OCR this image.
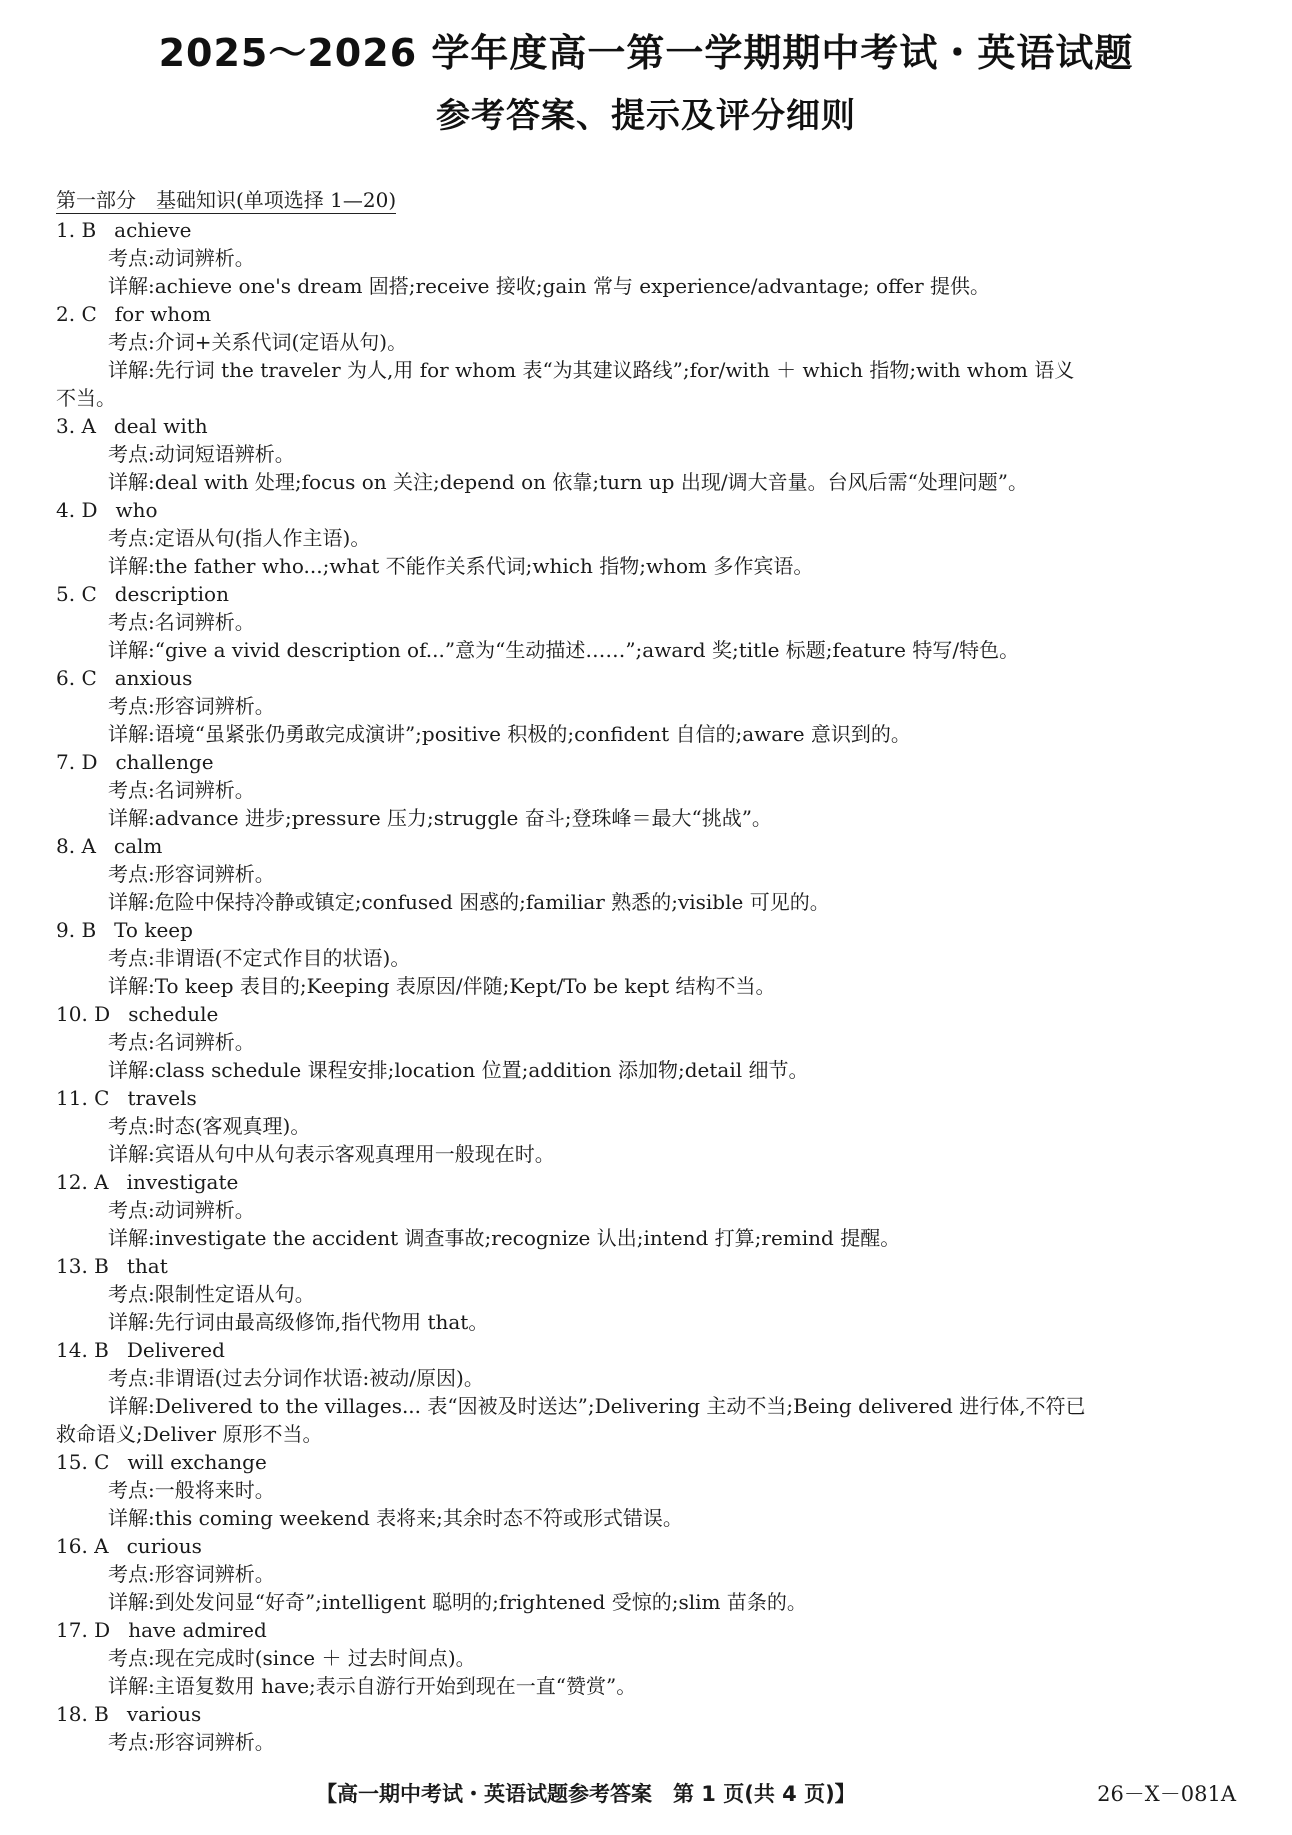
2025～2026 学年度高一第一学期期中考试・英语试题
参考答案、提示及评分细则
第一部分　基础知识(单项选择 1—20)
1. B achieve
考点:动词辨析。
详解:achieve one's dream 固搭;receive 接收;gain 常与 experience/advantage; offer 提供。
2. C for whom
考点:介词+关系代词(定语从句)。
详解:先行词 the traveler 为人,用 for whom 表“为其建议路线”;for/with ＋ which 指物;with whom 语义
不当。
3. A deal with
考点:动词短语辨析。
详解:deal with 处理;focus on 关注;depend on 依靠;turn up 出现/调大音量。台风后需“处理问题”。
4. D who
考点:定语从句(指人作主语)。
详解:the father who...;what 不能作关系代词;which 指物;whom 多作宾语。
5. C description
考点:名词辨析。
详解:“give a vivid description of...”意为“生动描述……”;award 奖;title 标题;feature 特写/特色。
6. C anxious
考点:形容词辨析。
详解:语境“虽紧张仍勇敢完成演讲”;positive 积极的;confident 自信的;aware 意识到的。
7. D challenge
考点:名词辨析。
详解:advance 进步;pressure 压力;struggle 奋斗;登珠峰＝最大“挑战”。
8. A calm
考点:形容词辨析。
详解:危险中保持冷静或镇定;confused 困惑的;familiar 熟悉的;visible 可见的。
9. B To keep
考点:非谓语(不定式作目的状语)。
详解:To keep 表目的;Keeping 表原因/伴随;Kept/To be kept 结构不当。
10. D schedule
考点:名词辨析。
详解:class schedule 课程安排;location 位置;addition 添加物;detail 细节。
11. C travels
考点:时态(客观真理)。
详解:宾语从句中从句表示客观真理用一般现在时。
12. A investigate
考点:动词辨析。
详解:investigate the accident 调查事故;recognize 认出;intend 打算;remind 提醒。
13. B that
考点:限制性定语从句。
详解:先行词由最高级修饰,指代物用 that。
14. B Delivered
考点:非谓语(过去分词作状语:被动/原因)。
详解:Delivered to the villages... 表“因被及时送达”;Delivering 主动不当;Being delivered 进行体,不符已
救命语义;Deliver 原形不当。
15. C will exchange
考点:一般将来时。
详解:this coming weekend 表将来;其余时态不符或形式错误。
16. A curious
考点:形容词辨析。
详解:到处发问显“好奇”;intelligent 聪明的;frightened 受惊的;slim 苗条的。
17. D have admired
考点:现在完成时(since ＋ 过去时间点)。
详解:主语复数用 have;表示自游行开始到现在一直“赞赏”。
18. B various
考点:形容词辨析。
【高一期中考试・英语试题参考答案　第 1 页(共 4 页)】	26－X－081A
